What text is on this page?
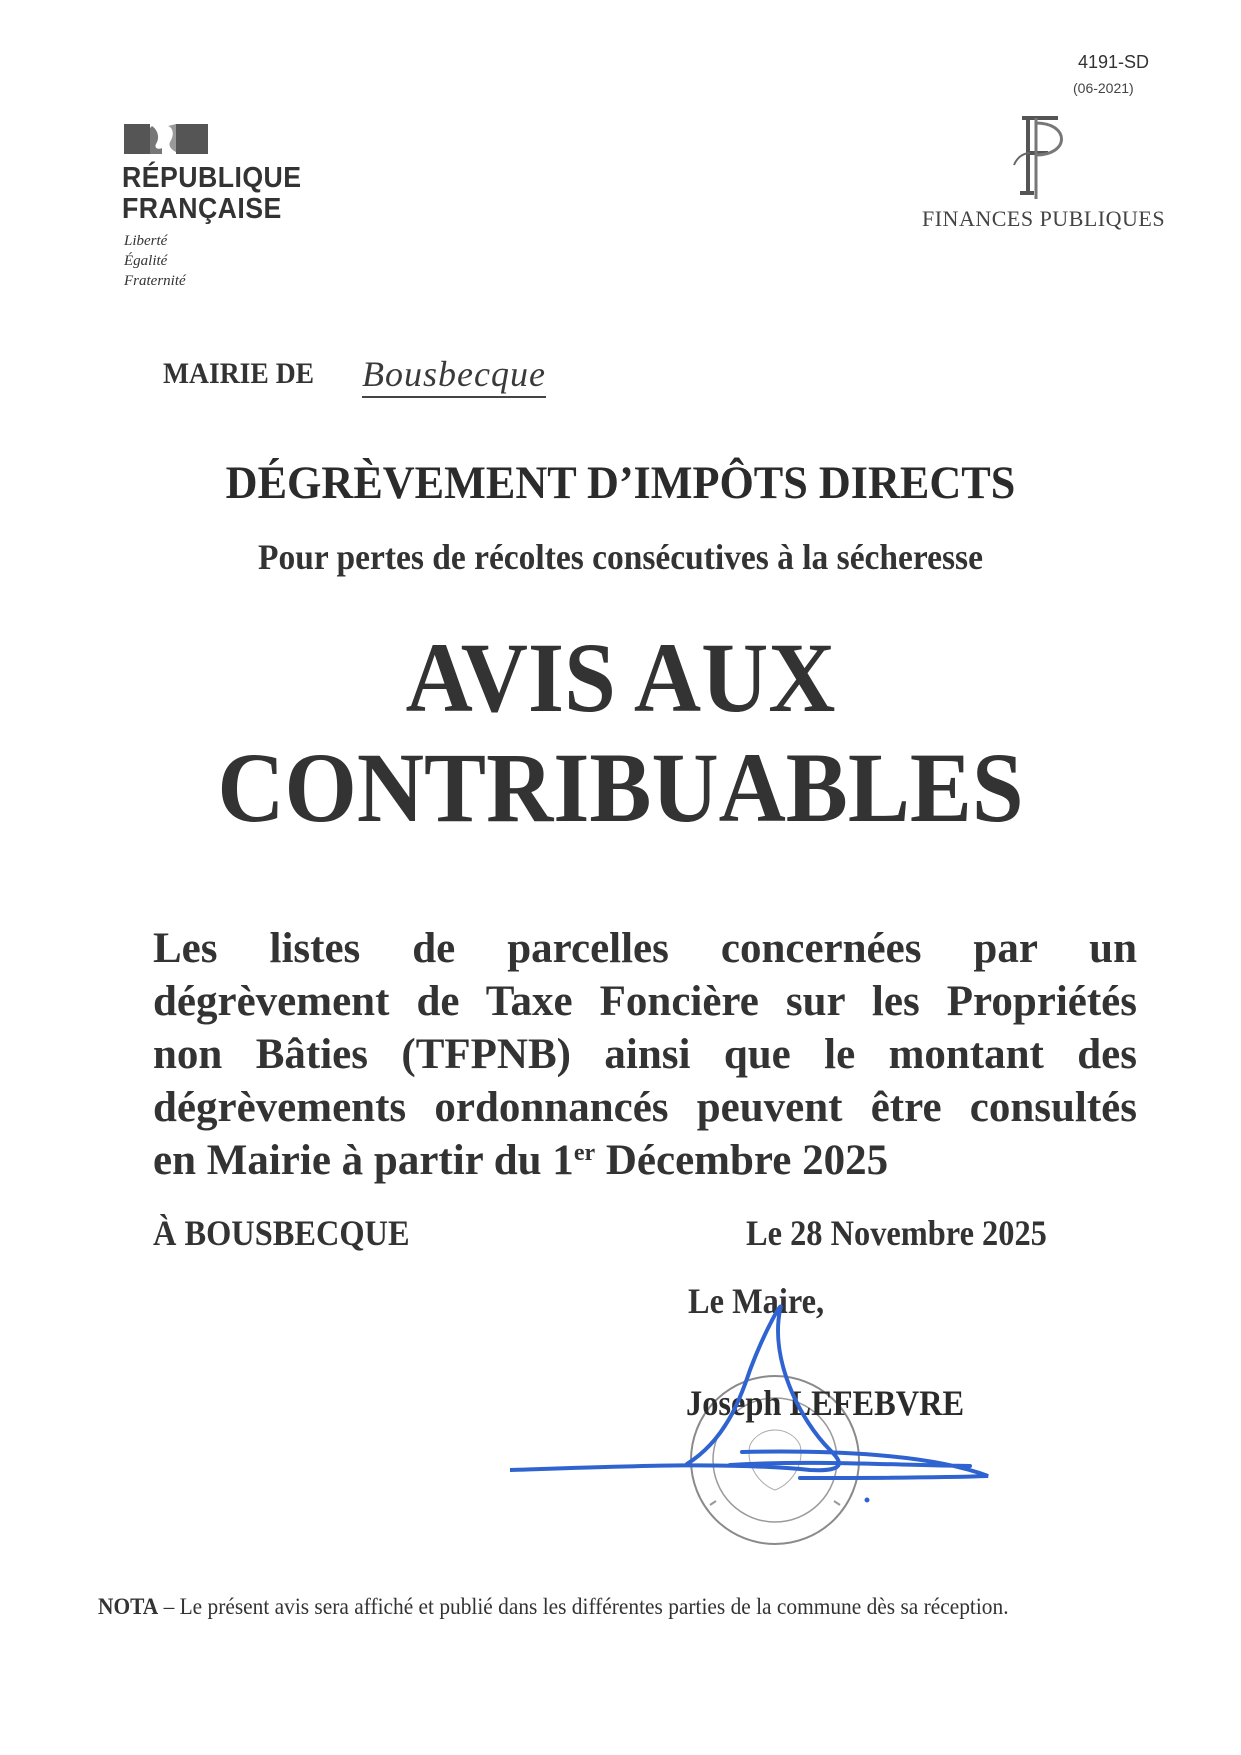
4191-SD
(06-2021)
RÉPUBLIQUE
FRANÇAISE
Liberté
Égalité
Fraternité
FINANCES PUBLIQUES
MAIRIE DE Bousbecque
DÉGRÈVEMENT D’IMPÔTS DIRECTS
Pour pertes de récoltes consécutives à la sécheresse
AVIS AUX
CONTRIBUABLES
Les listes de parcelles concernées par un
dégrèvement de Taxe Foncière sur les Propriétés
non Bâties (TFPNB) ainsi que le montant des
dégrèvements ordonnancés peuvent être consultés
en Mairie à partir du 1er Décembre 2025
À BOUSBECQUE	Le 28 Novembre 2025
Le Maire,
Joseph LEFEBVRE
NOTA – Le présent avis sera affiché et publié dans les différentes parties de la commune dès sa réception.
